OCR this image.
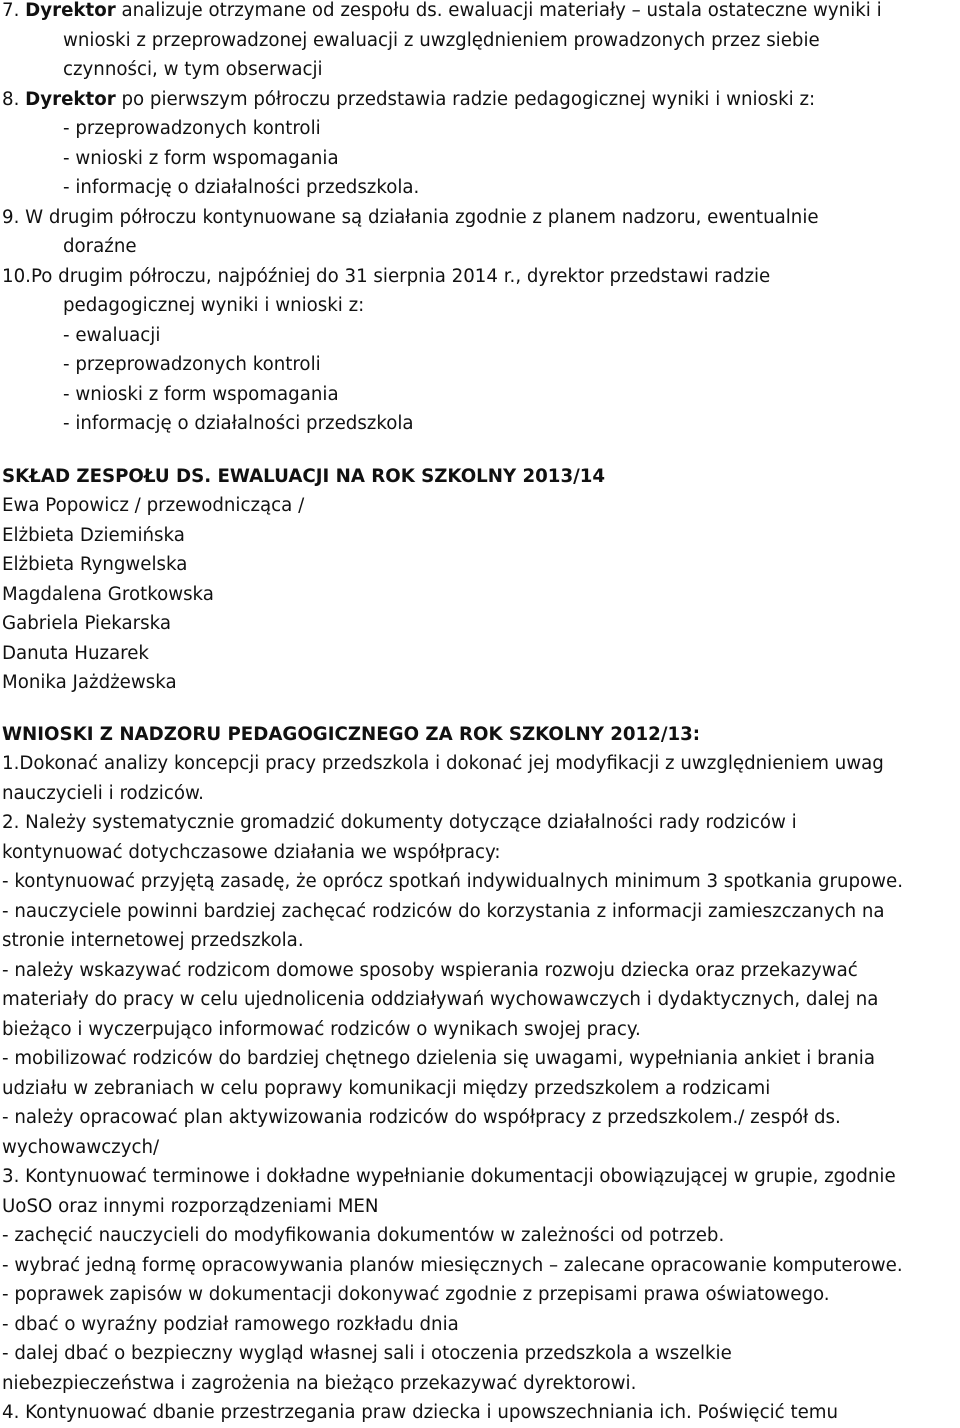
7. Dyrektor analizuje otrzymane od zespołu ds. ewaluacji materiały – ustala ostateczne wyniki i
wnioski z przeprowadzonej ewaluacji z uwzględnieniem prowadzonych przez siebie
czynności, w tym obserwacji
8. Dyrektor po pierwszym półroczu przedstawia radzie pedagogicznej wyniki i wnioski z:
- przeprowadzonych kontroli
- wnioski z form wspomagania
- informację o działalności przedszkola.
9. W drugim półroczu kontynuowane są działania zgodnie z planem nadzoru, ewentualnie
doraźne
10.Po drugim półroczu, najpóźniej do 31 sierpnia 2014 r., dyrektor przedstawi radzie
pedagogicznej wyniki i wnioski z:
- ewaluacji
- przeprowadzonych kontroli
- wnioski z form wspomagania
- informację o działalności przedszkola
SKŁAD ZESPOŁU DS. EWALUACJI NA ROK SZKOLNY 2013/14
Ewa Popowicz / przewodnicząca /
Elżbieta Dziemińska
Elżbieta Ryngwelska
Magdalena Grotkowska
Gabriela Piekarska
Danuta Huzarek
Monika Jażdżewska
WNIOSKI Z NADZORU PEDAGOGICZNEGO ZA ROK SZKOLNY 2012/13:
1.Dokonać analizy koncepcji pracy przedszkola i dokonać jej modyfikacji z uwzględnieniem uwag
nauczycieli i rodziców.
2. Należy systematycznie gromadzić dokumenty dotyczące działalności rady rodziców i
kontynuować dotychczasowe działania we współpracy:
- kontynuować przyjętą zasadę, że oprócz spotkań indywidualnych minimum 3 spotkania grupowe.
- nauczyciele powinni bardziej zachęcać rodziców do korzystania z informacji zamieszczanych na
stronie internetowej przedszkola.
- należy wskazywać rodzicom domowe sposoby wspierania rozwoju dziecka oraz przekazywać
materiały do pracy w celu ujednolicenia oddziaływań wychowawczych i dydaktycznych, dalej na
bieżąco i wyczerpująco informować rodziców o wynikach swojej pracy.
- mobilizować rodziców do bardziej chętnego dzielenia się uwagami, wypełniania ankiet i brania
udziału w zebraniach w celu poprawy komunikacji między przedszkolem a rodzicami
- należy opracować plan aktywizowania rodziców do współpracy z przedszkolem./ zespół ds.
wychowawczych/
3. Kontynuować terminowe i dokładne wypełnianie dokumentacji obowiązującej w grupie, zgodnie
UoSO oraz innymi rozporządzeniami MEN
- zachęcić nauczycieli do modyfikowania dokumentów w zależności od potrzeb.
- wybrać jedną formę opracowywania planów miesięcznych – zalecane opracowanie komputerowe.
- poprawek zapisów w dokumentacji dokonywać zgodnie z przepisami prawa oświatowego.
- dbać o wyraźny podział ramowego rozkładu dnia
- dalej dbać o bezpieczny wygląd własnej sali i otoczenia przedszkola a wszelkie
niebezpieczeństwa i zagrożenia na bieżąco przekazywać dyrektorowi.
4. Kontynuować dbanie przestrzegania praw dziecka i upowszechniania ich. Poświęcić temu
